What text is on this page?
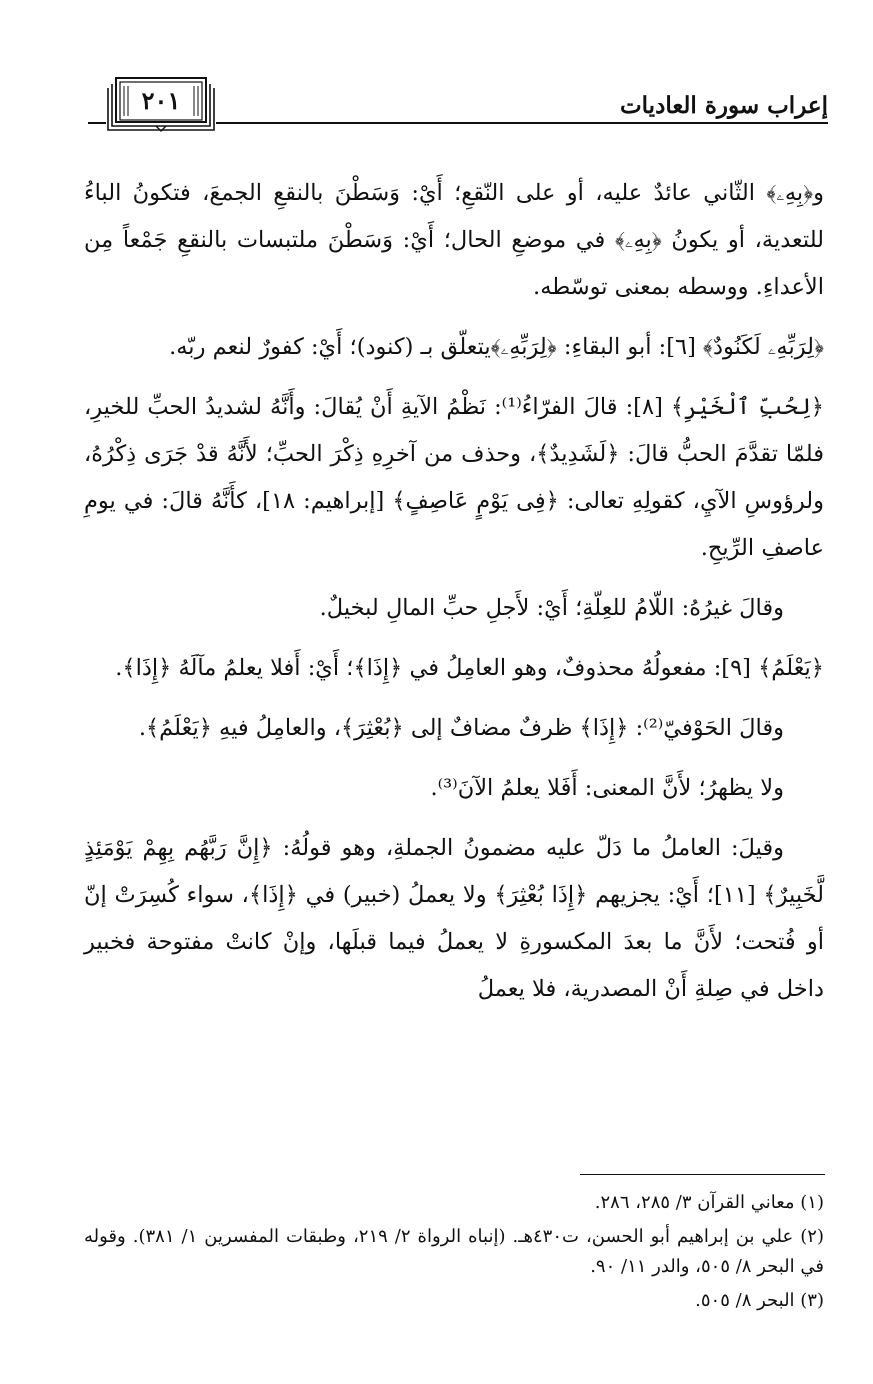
إعراب سورة العاديات
٢٠١

و﴿بِهِۦ﴾ الثّاني عائدٌ عليه، أو على النّقعِ؛ أَيْ: وَسَطْنَ بالنقعِ الجمعَ، فتكونُ الباءُ للتعدية، أو يكونُ ﴿بِهِۦ﴾ في موضعِ الحال؛ أَيْ: وَسَطْنَ ملتبسات بالنقعِ جَمْعاً مِن الأعداءِ. ووسطه بمعنى توسّطه.

﴿لِرَبِّهِۦ لَكَنُودٌ﴾ [٦]: أبو البقاءِ: ﴿لِرَبِّهِۦ﴾يتعلّق بـ (كنود)؛ أَيْ: كفورٌ لنعم ربّه.

﴿لِحُبِّ ٱلْخَيْرِ﴾ [٨]: قالَ الفرّاءُ⁽¹⁾: نَظْمُ الآيةِ أَنْ يُقالَ: وأَنَّهُ لشديدُ الحبِّ للخيرِ، فلمّا تقدَّمَ الحبُّ قالَ: ﴿لَشَدِيدٌ﴾، وحذف من آخرِهِ ذِكْرَ الحبِّ؛ لأَنَّهُ قدْ جَرَى ذِكْرُهُ، ولرؤوسِ الآيِ، كقولِهِ تعالى: ﴿فِى يَوْمٍ عَاصِفٍ﴾ [إبراهيم: ١٨]، كأَنَّهُ قالَ: في يومِ عاصفِ الرِّيحِ.

وقالَ غيرُهُ: اللّامُ للعِلّةِ؛ أَيْ: لأَجلِ حبِّ المالِ لبخيلٌ.

﴿يَعْلَمُ﴾ [٩]: مفعولُهُ محذوفٌ، وهو العامِلُ في ﴿إِذَا﴾؛ أَيْ: أَفلا يعلمُ مآلَهُ ﴿إِذَا﴾.

وقالَ الحَوْفيّ⁽²⁾: ﴿إِذَا﴾ ظرفٌ مضافٌ إلى ﴿بُعْثِرَ﴾، والعامِلُ فيهِ ﴿يَعْلَمُ﴾.

ولا يظهرُ؛ لأَنَّ المعنى: أَفَلا يعلمُ الآنَ⁽³⁾.

وقيلَ: العاملُ ما دَلّ عليه مضمونُ الجملةِ، وهو قولُهُ: ﴿إِنَّ رَبَّهُم بِهِمْ يَوْمَئِذٍ لَّخَبِيرٌ﴾ [١١]؛ أَيْ: يجزيهم ﴿إِذَا بُعْثِرَ﴾ ولا يعملُ (خبير) في ﴿إِذَا﴾، سواء كُسِرَتْ إنّ أو فُتحت؛ لأَنَّ ما بعدَ المكسورةِ لا يعملُ فيما قبلَها، وإنْ كانتْ مفتوحة فخبير داخل في صِلةِ أَنْ المصدرية، فلا يعملُ

(١) معاني القرآن ٣/ ٢٨٥، ٢٨٦.

(٢) علي بن إبراهيم أبو الحسن، ت٤٣٠هـ. (إنباه الرواة ٢/ ٢١٩، وطبقات المفسرين ١/ ٣٨١). وقوله في البحر ٨/ ٥٠٥، والدر ١١/ ٩٠.

(٣) البحر ٨/ ٥٠٥.
